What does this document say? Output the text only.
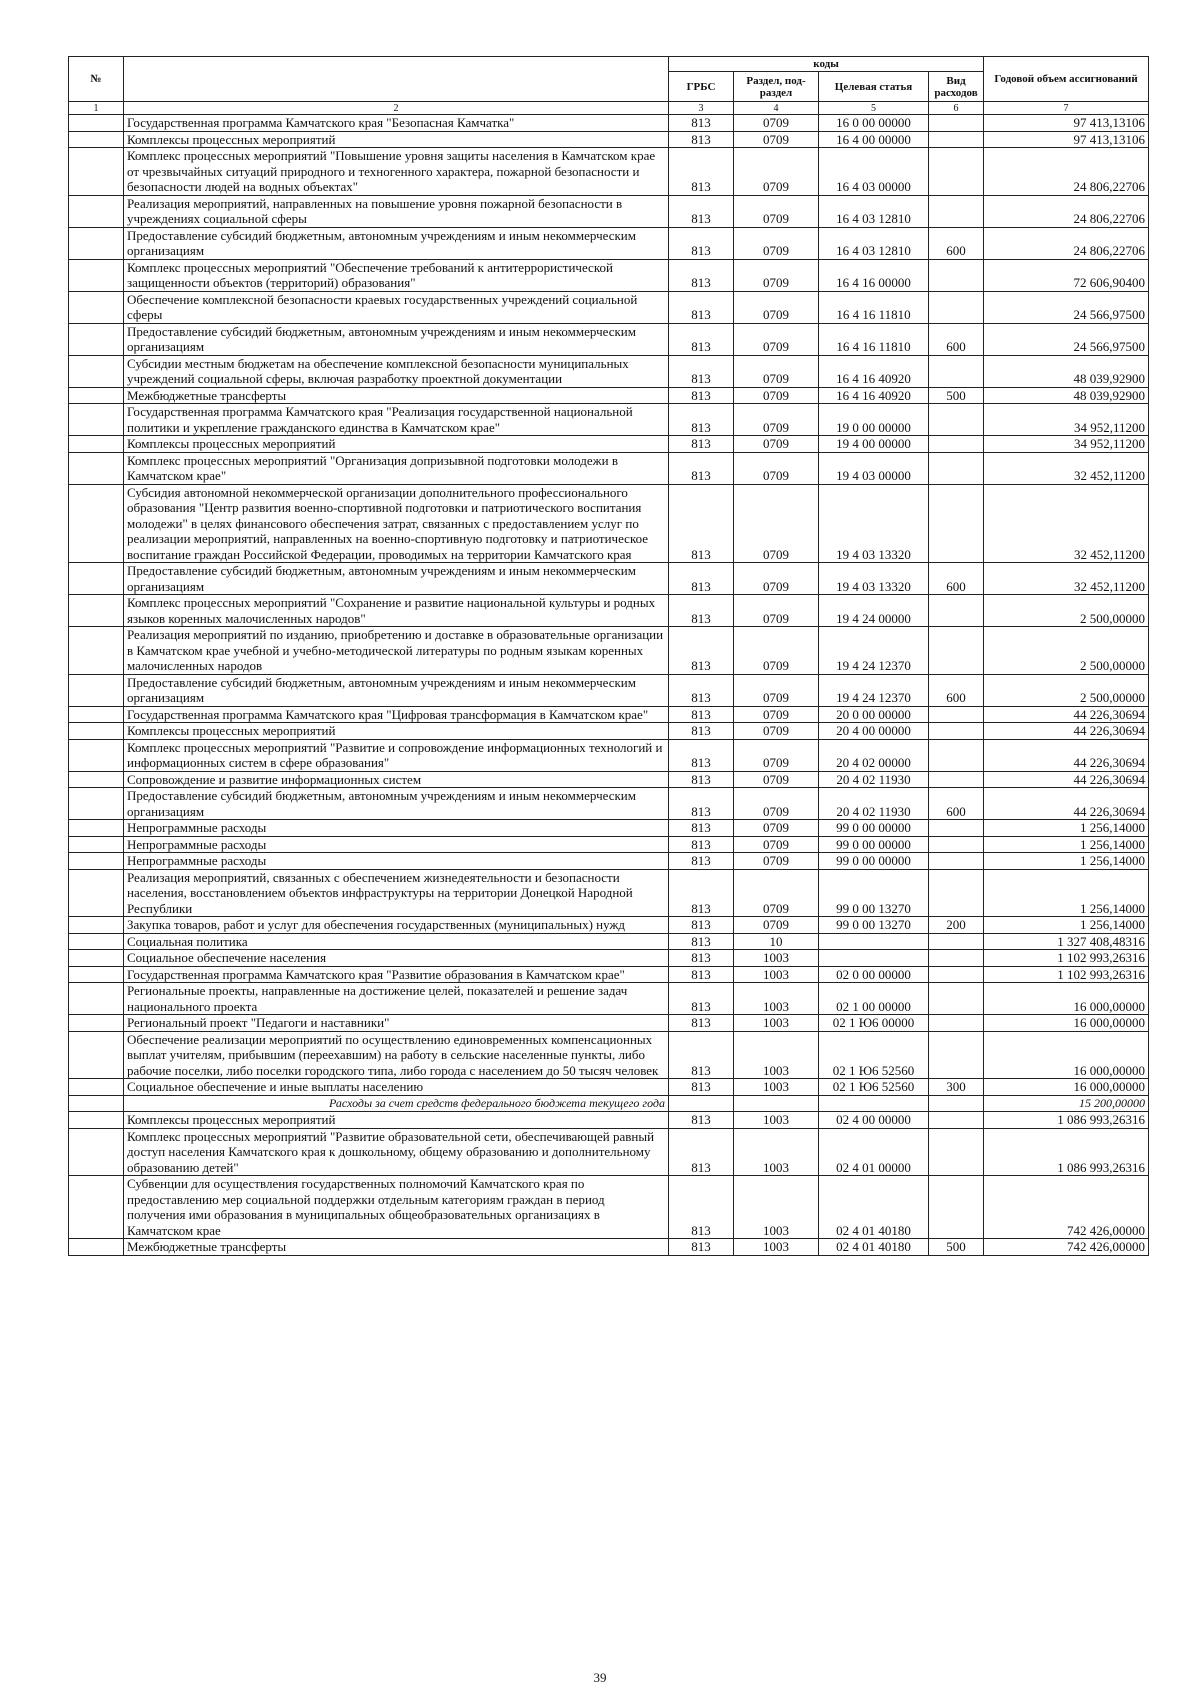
№		коды				Годовой объем ассигнований
		ГРБС	Раздел, под-раздел	Целевая статья	Вид расходов	
1	2	3	4	5	6	7
	Государственная программа Камчатского края "Безопасная Камчатка"	813	0709	16 0 00 00000		97 413,13106
	Комплексы процессных мероприятий	813	0709	16 4 00 00000		97 413,13106
	Комплекс процессных мероприятий "Повышение уровня защиты населения в Камчатском крае от чрезвычайных ситуаций природного и техногенного характера, пожарной безопасности и безопасности людей на водных объектах"	813	0709	16 4 03 00000		24 806,22706
	Реализация мероприятий, направленных на повышение уровня пожарной безопасности в учреждениях социальной сферы	813	0709	16 4 03 12810		24 806,22706
	Предоставление субсидий бюджетным, автономным учреждениям и иным некоммерческим организациям	813	0709	16 4 03 12810	600	24 806,22706
	Комплекс процессных мероприятий "Обеспечение требований к антитеррористической защищенности объектов (территорий) образования"	813	0709	16 4 16 00000		72 606,90400
	Обеспечение комплексной безопасности краевых государственных учреждений социальной сферы	813	0709	16 4 16 11810		24 566,97500
	Предоставление субсидий бюджетным, автономным учреждениям и иным некоммерческим организациям	813	0709	16 4 16 11810	600	24 566,97500
	Субсидии местным бюджетам на обеспечение комплексной безопасности муниципальных учреждений социальной сферы, включая разработку проектной документации	813	0709	16 4 16 40920		48 039,92900
	Межбюджетные трансферты	813	0709	16 4 16 40920	500	48 039,92900
	Государственная программа Камчатского края "Реализация государственной национальной политики и укрепление гражданского единства в Камчатском крае"	813	0709	19 0 00 00000		34 952,11200
	Комплексы процессных мероприятий	813	0709	19 4 00 00000		34 952,11200
	Комплекс процессных мероприятий "Организация допризывной подготовки молодежи в Камчатском крае"	813	0709	19 4 03 00000		32 452,11200
	Субсидия автономной некоммерческой организации дополнительного профессионального образования "Центр развития военно-спортивной подготовки и патриотического воспитания молодежи" в целях финансового обеспечения затрат, связанных с предоставлением услуг по реализации мероприятий, направленных на военно-спортивную подготовку и патриотическое воспитание граждан Российской Федерации, проводимых на территории Камчатского края	813	0709	19 4 03 13320		32 452,11200
	Предоставление субсидий бюджетным, автономным учреждениям и иным некоммерческим организациям	813	0709	19 4 03 13320	600	32 452,11200
	Комплекс процессных мероприятий "Сохранение и развитие национальной культуры и родных языков коренных малочисленных народов"	813	0709	19 4 24 00000		2 500,00000
	Реализация мероприятий по изданию, приобретению и доставке в образовательные организации в Камчатском крае учебной и учебно-методической литературы по родным языкам коренных малочисленных народов	813	0709	19 4 24 12370		2 500,00000
	Предоставление субсидий бюджетным, автономным учреждениям и иным некоммерческим организациям	813	0709	19 4 24 12370	600	2 500,00000
	Государственная программа Камчатского края "Цифровая трансформация в Камчатском крае"	813	0709	20 0 00 00000		44 226,30694
	Комплексы процессных мероприятий	813	0709	20 4 00 00000		44 226,30694
	Комплекс процессных мероприятий "Развитие и сопровождение информационных технологий и информационных систем в сфере образования"	813	0709	20 4 02 00000		44 226,30694
	Сопровождение и развитие информационных систем	813	0709	20 4 02 11930		44 226,30694
	Предоставление субсидий бюджетным, автономным учреждениям и иным некоммерческим организациям	813	0709	20 4 02 11930	600	44 226,30694
	Непрограммные расходы	813	0709	99 0 00 00000		1 256,14000
	Непрограммные расходы	813	0709	99 0 00 00000		1 256,14000
	Непрограммные расходы	813	0709	99 0 00 00000		1 256,14000
	Реализация мероприятий, связанных с обеспечением жизнедеятельности и безопасности населения, восстановлением объектов инфраструктуры на территории Донецкой Народной Республики	813	0709	99 0 00 13270		1 256,14000
	Закупка товаров, работ и услуг для обеспечения государственных (муниципальных) нужд	813	0709	99 0 00 13270	200	1 256,14000
	Социальная политика	813	10			1 327 408,48316
	Социальное обеспечение населения	813	1003			1 102 993,26316
	Государственная программа Камчатского края "Развитие образования в Камчатском крае"	813	1003	02 0 00 00000		1 102 993,26316
	Региональные проекты, направленные на достижение целей, показателей и решение задач национального проекта	813	1003	02 1 00 00000		16 000,00000
	Региональный проект "Педагоги и наставники"	813	1003	02 1 Ю6 00000		16 000,00000
	Обеспечение реализации мероприятий по осуществлению единовременных компенсационных выплат учителям, прибывшим (переехавшим) на работу в сельские населенные пункты, либо рабочие поселки, либо поселки городского типа, либо города с населением до 50 тысяч человек	813	1003	02 1 Ю6 52560		16 000,00000
	Социальное обеспечение и иные выплаты населению	813	1003	02 1 Ю6 52560	300	16 000,00000
	Расходы за счет средств федерального бюджета текущего года					15 200,00000
	Комплексы процессных мероприятий	813	1003	02 4 00 00000		1 086 993,26316
	Комплекс процессных мероприятий "Развитие образовательной сети, обеспечивающей равный доступ населения Камчатского края к дошкольному, общему образованию и дополнительному образованию детей"	813	1003	02 4 01 00000		1 086 993,26316
	Субвенции для осуществления государственных полномочий Камчатского края по предоставлению мер социальной поддержки отдельным категориям граждан в период получения ими образования в муниципальных общеобразовательных организациях в Камчатском крае	813	1003	02 4 01 40180		742 426,00000
	Межбюджетные трансферты	813	1003	02 4 01 40180	500	742 426,00000
39
